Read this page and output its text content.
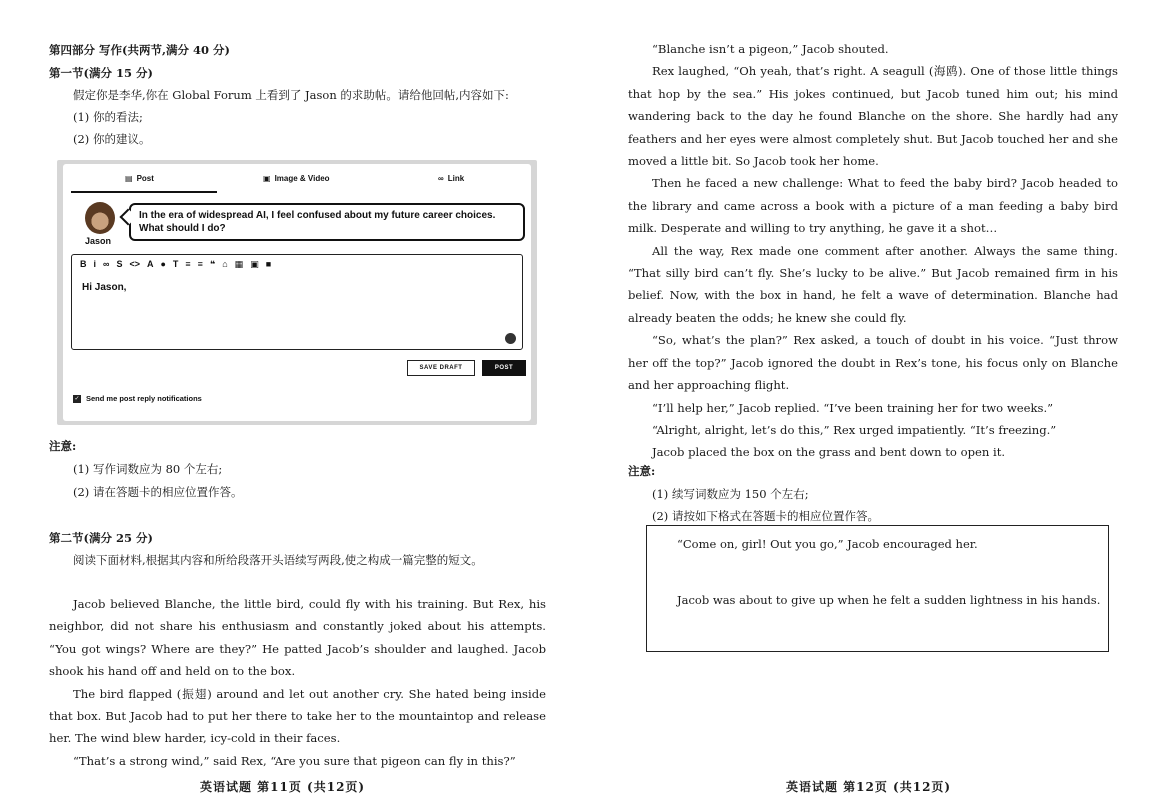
第四部分 写作(共两节,满分 40 分)
第一节(满分 15 分)
假定你是李华,你在 Global Forum 上看到了 Jason 的求助帖。请给他回帖,内容如下:
(1) 你的看法;
(2) 你的建议。
▤ Post	▣ Image & Video	∞ Link
Jason
In the era of widespread AI, I feel confused about my future career choices. What should I do?
B i ∞ S <> A ● T ≡ ≡ ❝ ⌂ ▦ ▣ ■
Hi Jason,
SAVE DRAFT	POST
✓ Send me post reply notifications
注意:
(1) 写作词数应为 80 个左右;
(2) 请在答题卡的相应位置作答。
第二节(满分 25 分)
阅读下面材料,根据其内容和所给段落开头语续写两段,使之构成一篇完整的短文。

Jacob believed Blanche, the little bird, could fly with his training. But Rex, his neighbor, did not share his enthusiasm and constantly joked about his attempts. “You got wings? Where are they?” He patted Jacob’s shoulder and laughed. Jacob shook his hand off and held on to the box.

The bird flapped (振翅) around and let out another cry. She hated being inside that box. But Jacob had to put her there to take her to the mountaintop and release her. The wind blew harder, icy-cold in their faces.

“That’s a strong wind,” said Rex, “Are you sure that pigeon can fly in this?”

英语试题 第11页 (共12页)

“Blanche isn’t a pigeon,” Jacob shouted.

Rex laughed, “Oh yeah, that’s right. A seagull (海鸥). One of those little things that hop by the sea.” His jokes continued, but Jacob tuned him out; his mind wandering back to the day he found Blanche on the shore. She hardly had any feathers and her eyes were almost completely shut. But Jacob touched her and she moved a little bit. So Jacob took her home.

Then he faced a new challenge: What to feed the baby bird? Jacob headed to the library and came across a book with a picture of a man feeding a baby bird milk. Desperate and willing to try anything, he gave it a shot…

All the way, Rex made one comment after another. Always the same thing. “That silly bird can’t fly. She’s lucky to be alive.” But Jacob remained firm in his belief. Now, with the box in hand, he felt a wave of determination. Blanche had already beaten the odds; he knew she could fly.

“So, what’s the plan?” Rex asked, a touch of doubt in his voice. “Just throw her off the top?” Jacob ignored the doubt in Rex’s tone, his focus only on Blanche and her approaching flight.

“I’ll help her,” Jacob replied. “I’ve been training her for two weeks.”

“Alright, alright, let’s do this,” Rex urged impatiently. “It’s freezing.”

Jacob placed the box on the grass and bent down to open it.

注意:
(1) 续写词数应为 150 个左右;
(2) 请按如下格式在答题卡的相应位置作答。
英语试题 第12页 (共12页)
“Come on, girl! Out you go,” Jacob encouraged her.
Jacob was about to give up when he felt a sudden lightness in his hands.
